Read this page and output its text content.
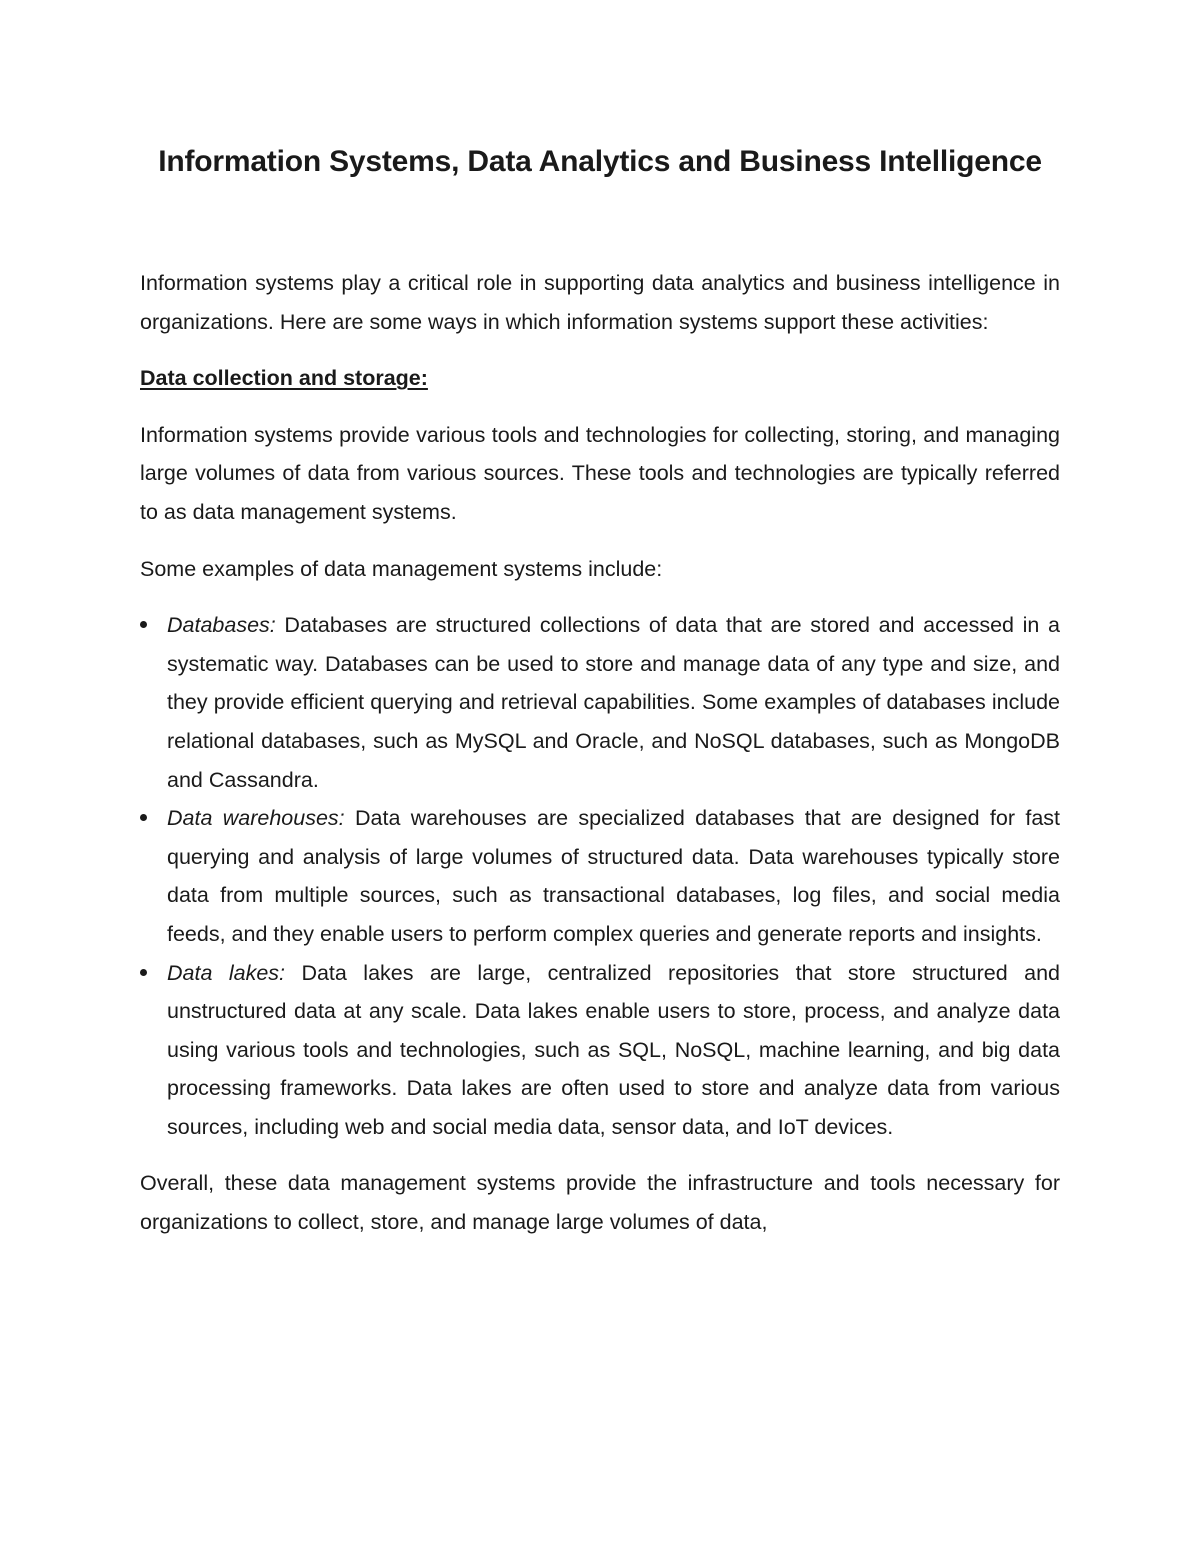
Information Systems, Data Analytics and Business Intelligence

Information systems play a critical role in supporting data analytics and business intelligence in organizations. Here are some ways in which information systems support these activities:

Data collection and storage:

Information systems provide various tools and technologies for collecting, storing, and managing large volumes of data from various sources. These tools and technologies are typically referred to as data management systems.

Some examples of data management systems include:

Databases: Databases are structured collections of data that are stored and accessed in a systematic way. Databases can be used to store and manage data of any type and size, and they provide efficient querying and retrieval capabilities. Some examples of databases include relational databases, such as MySQL and Oracle, and NoSQL databases, such as MongoDB and Cassandra.
Data warehouses: Data warehouses are specialized databases that are designed for fast querying and analysis of large volumes of structured data. Data warehouses typically store data from multiple sources, such as transactional databases, log files, and social media feeds, and they enable users to perform complex queries and generate reports and insights.
Data lakes: Data lakes are large, centralized repositories that store structured and unstructured data at any scale. Data lakes enable users to store, process, and analyze data using various tools and technologies, such as SQL, NoSQL, machine learning, and big data processing frameworks. Data lakes are often used to store and analyze data from various sources, including web and social media data, sensor data, and IoT devices.

Overall, these data management systems provide the infrastructure and tools necessary for organizations to collect, store, and manage large volumes of data,
